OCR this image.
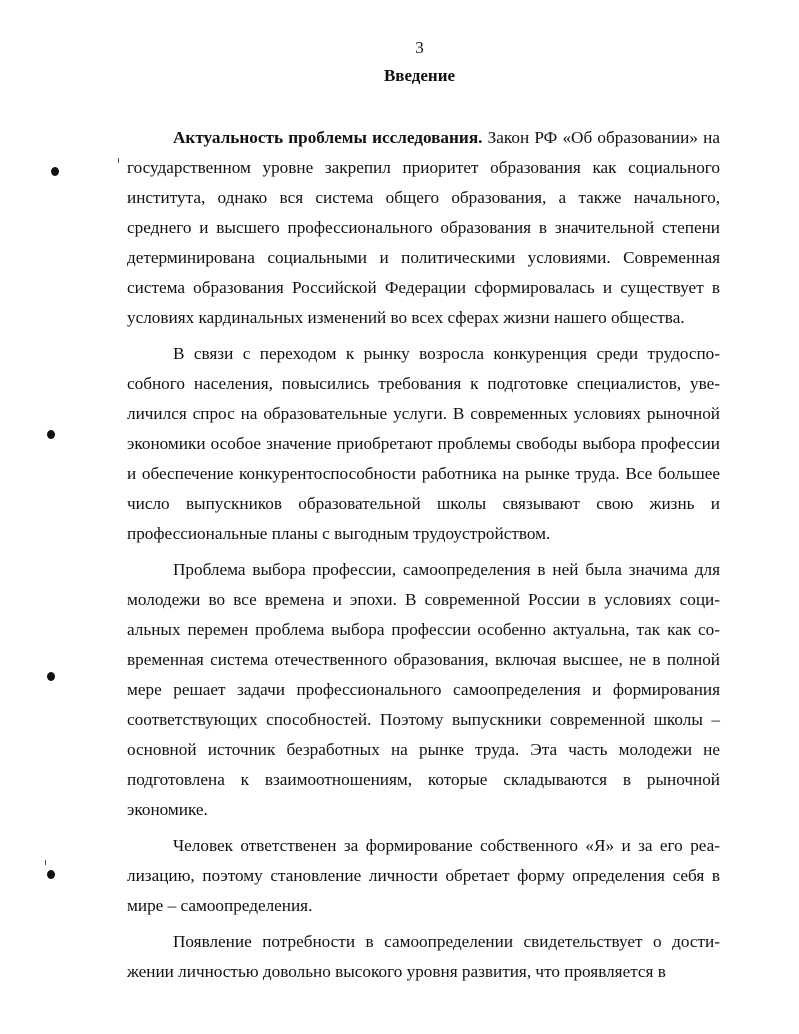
3
Введение

Актуальность проблемы исследования. Закон РФ «Об образовании» на государственном уровне закрепил приоритет образования как социального института, однако вся система общего образования, а также начального, среднего и высшего профессионального образования в значительной степени детерминирована социальными и политическими условиями. Современная система образования Российской Федерации сформировалась и существует в условиях кардинальных изменений во всех сферах жизни нашего общества.

В связи с переходом к рынку возросла конкуренция среди трудоспособного населения, повысились требования к подготовке специалистов, увеличился спрос на образовательные услуги. В современных условиях рыночной экономики особое значение приобретают проблемы свободы выбора профессии и обеспечение конкурентоспособности работника на рынке труда. Все большее число выпускников образовательной школы связывают свою жизнь и профессиональные планы с выгодным трудоустройством.

Проблема выбора профессии, самоопределения в ней была значима для молодежи во все времена и эпохи. В современной России в условиях социальных перемен проблема выбора профессии особенно актуальна, так как современная система отечественного образования, включая высшее, не в полной мере решает задачи профессионального самоопределения и формирования соответствующих способностей. Поэтому выпускники современной школы – основной источник безработных на рынке труда. Эта часть молодежи не подготовлена к взаимоотношениям, которые складываются в рыночной экономике.

Человек ответственен за формирование собственного «Я» и за его реализацию, поэтому становление личности обретает форму определения себя в мире – самоопределения.

Появление потребности в самоопределении свидетельствует о достижении личностью довольно высокого уровня развития, что проявляется в
